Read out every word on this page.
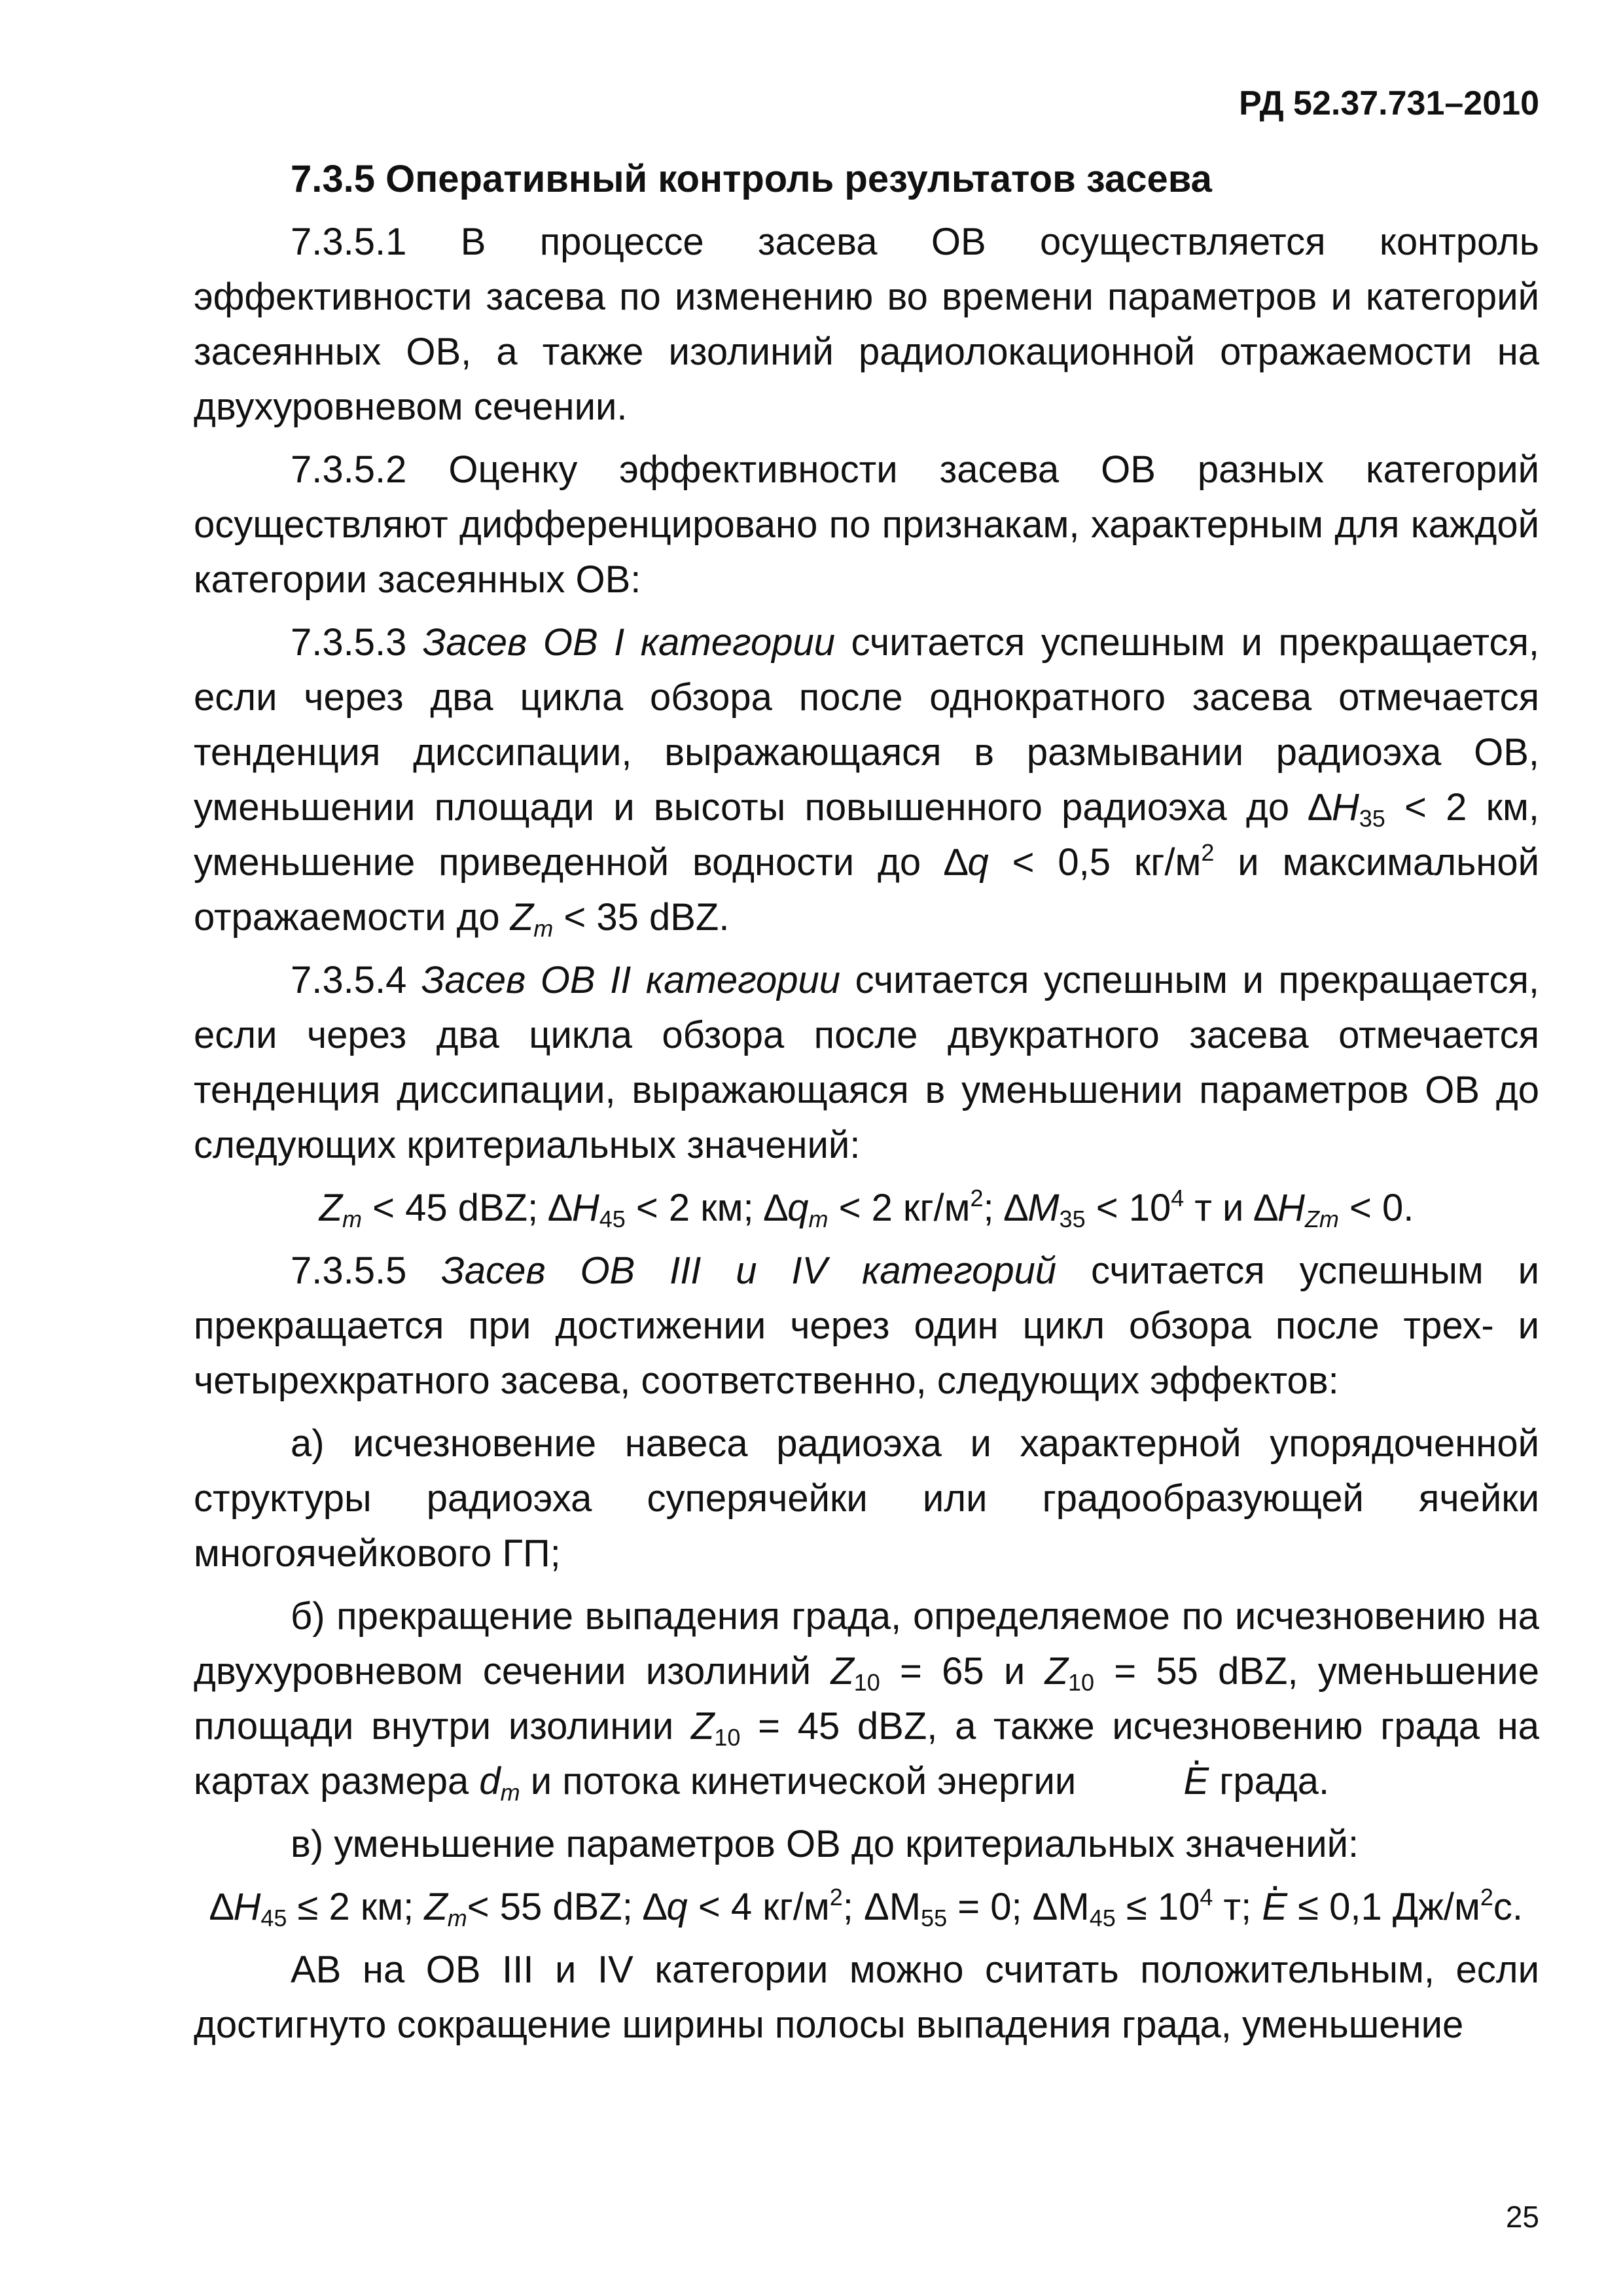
РД 52.37.731–2010
7.3.5 Оперативный контроль результатов засева

7.3.5.1 В процессе засева ОВ осуществляется контроль эффективности засева по изменению во времени параметров и категорий засеянных ОВ, а также изолиний радиолокационной отражаемости на двухуровневом сечении.

7.3.5.2 Оценку эффективности засева ОВ разных категорий осуществляют дифференцировано по признакам, характерным для каждой категории засеянных ОВ:

7.3.5.3 Засев ОВ I категории считается успешным и прекращается, если через два цикла обзора после однократного засева отмечается тенденция диссипации, выражающаяся в размывании радиоэха ОВ, уменьшении площади и высоты повышенного радиоэха до $\Delta H_{35} < 2$ км, уменьшение приведенной водности до ∆q < 0,5 $кг/м^2$ и максимальной отражаемости до $Z_m < 35$ dBZ.

7.3.5.4 Засев ОВ II категории считается успешным и прекращается, если через два цикла обзора после двукратного засева отмечается тенденция диссипации, выражающаяся в уменьшении параметров ОВ до следующих критериальных значений:

$Z_m < 45$ dBZ; $\Delta H_{45} < 2$ км; $\Delta q_m < 2$ $кг/м^2$; $\Delta M_{35} < 10^4$ т и $\Delta H_{Zm} < 0$.

7.3.5.5 Засев ОВ III и IV категорий считается успешным и прекращается при достижении через один цикл обзора после трех- и четырехкратного засева, соответственно, следующих эффектов:

а) исчезновение навеса радиоэха и характерной упорядоченной структуры радиоэха суперячейки или градообразующей ячейки многоячейкового ГП;

б) прекращение выпадения града, определяемое по исчезновению на двухуровневом сечении изолиний $Z_{10} = 65$ и $Z_{10} = 55$ dBZ, уменьшение площади внутри изолинии $Z_{10} = 45$ dBZ, а также исчезновению града на картах размера $d_m$ и потока кинетической энергии ·	E града.

в) уменьшение параметров ОВ до критериальных значений:

$\Delta H_{45} \le 2$ км; $Z_m< 55$ dBZ; ∆q < 4 $кг/м^2$; $\Delta M_{55} = 0$; $\Delta M_{45} \le 10^4$ т; · E ≤ 0,1 $Дж/м^2с$.

АВ на ОВ III и IV категории можно считать положительным, если достигнуто сокращение ширины полосы выпадения града, уменьшение

25
